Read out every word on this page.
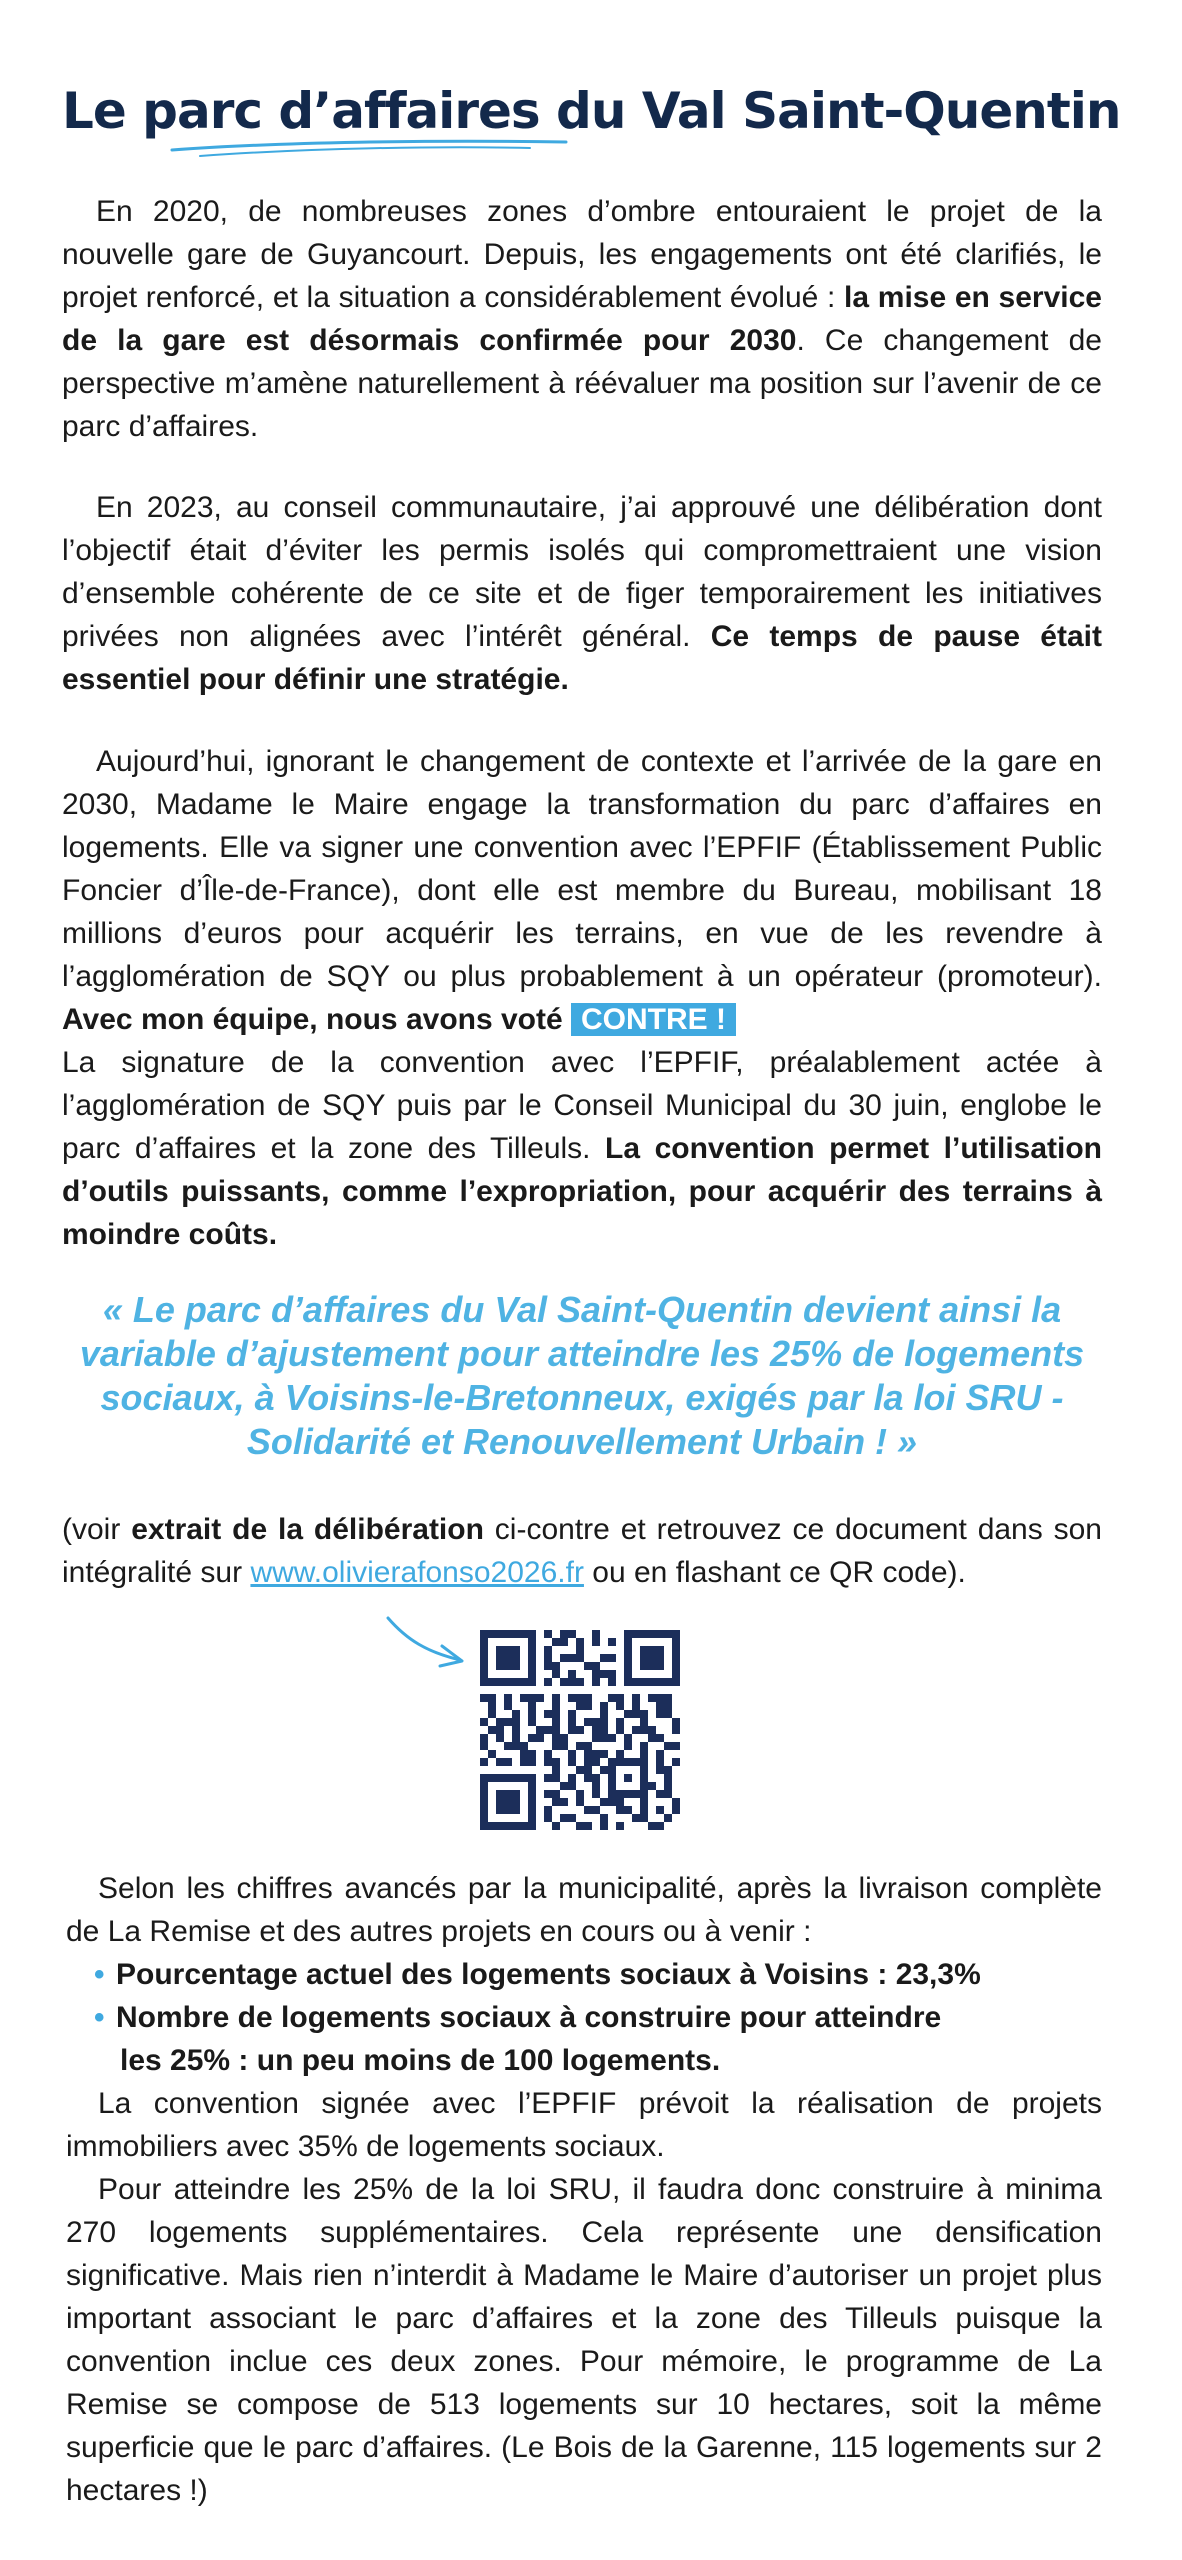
Le parc d’affaires du Val Saint-Quentin

En 2020, de nombreuses zones d’ombre entouraient le projet de la nouvelle gare de Guyancourt. Depuis, les engagements ont été clarifiés, le projet renforcé, et la situation a considérablement évolué : la mise en service de la gare est désormais confirmée pour 2030. Ce changement de perspective m’amène naturellement à réévaluer ma position sur l’avenir de ce parc d’affaires.

En 2023, au conseil communautaire, j’ai approuvé une délibération dont l’objectif était d’éviter les permis isolés qui compromettraient une vision d’ensemble cohérente de ce site et de figer temporairement les initiatives privées non alignées avec l’intérêt général. Ce temps de pause était essentiel pour définir une stratégie.

Aujourd’hui, ignorant le changement de contexte et l’arrivée de la gare en 2030, Madame le Maire engage la transformation du parc d’affaires en logements. Elle va signer une convention avec l’EPFIF (Établissement Public Foncier d’Île-de-France), dont elle est membre du Bureau, mobilisant 18 millions d’euros pour acquérir les terrains, en vue de les revendre à l’agglomération de SQY ou plus probablement à un opérateur (promoteur). Avec mon équipe, nous avons voté CONTRE !

La signature de la convention avec l’EPFIF, préalablement actée à l’agglomération de SQY puis par le Conseil Municipal du 30 juin, englobe le parc d’affaires et la zone des Tilleuls. La convention permet l’utilisation d’outils puissants, comme l’expropriation, pour acquérir des terrains à moindre coûts.

« Le parc d’affaires du Val Saint-Quentin devient ainsi la variable d’ajustement pour atteindre les 25% de logements sociaux, à Voisins-le-Bretonneux, exigés par la loi SRU - Solidarité et Renouvellement Urbain ! »

(voir extrait de la délibération ci-contre et retrouvez ce document dans son intégralité sur www.olivierafonso2026.fr ou en flashant ce QR code).

Selon les chiffres avancés par la municipalité, après la livraison complète de La Remise et des autres projets en cours ou à venir :

• Pourcentage actuel des logements sociaux à Voisins : 23,3%
• Nombre de logements sociaux à construire pour atteindre
les 25% : un peu moins de 100 logements.

La convention signée avec l’EPFIF prévoit la réalisation de projets immobiliers avec 35% de logements sociaux.

Pour atteindre les 25% de la loi SRU, il faudra donc construire à minima 270 logements supplémentaires. Cela représente une densification significative. Mais rien n’interdit à Madame le Maire d’autoriser un projet plus important associant le parc d’affaires et la zone des Tilleuls puisque la convention inclue ces deux zones. Pour mémoire, le programme de La Remise se compose de 513 logements sur 10 hectares, soit la même superficie que le parc d’affaires. (Le Bois de la Garenne, 115 logements sur 2 hectares !)
